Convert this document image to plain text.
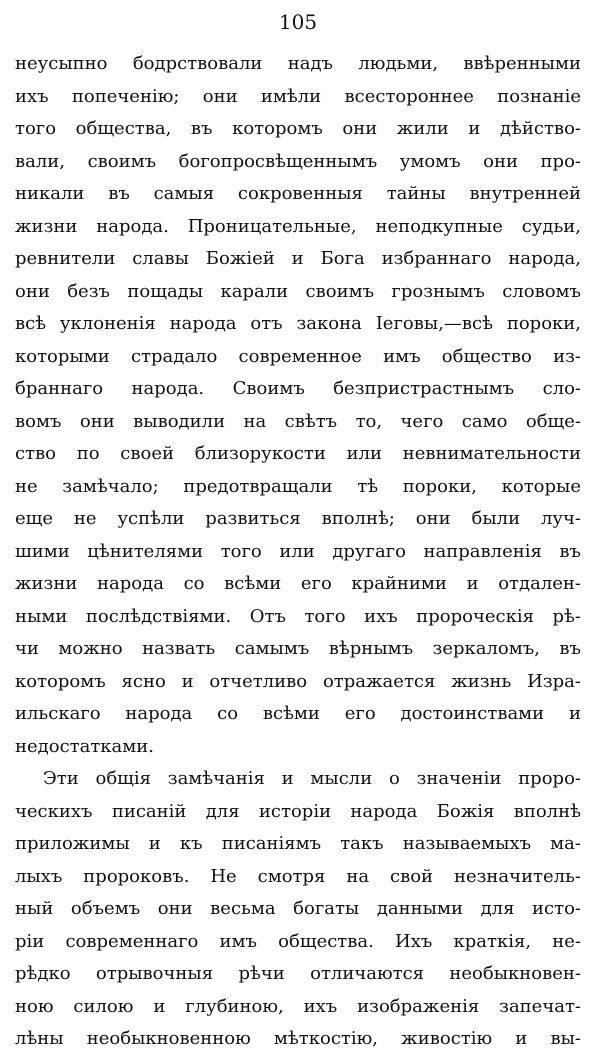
105
неусыпно бодрствовали надъ людьми, ввѣренными
ихъ попеченію; они имѣли всестороннее познаніе
того общества, въ которомъ они жили и дѣйство-
вали, своимъ богопросвѣщеннымъ умомъ они про-
никали въ самыя сокровенныя тайны внутренней
жизни народа. Проницательные, неподкупные судьи,
ревнители славы Божіей и Бога избраннаго народа,
они безъ пощады карали своимъ грознымъ словомъ
всѣ уклоненія народа отъ закона Іеговы,—всѣ пороки,
которыми страдало современное имъ общество из-
браннаго народа. Своимъ безпристрастнымъ сло-
вомъ они выводили на свѣтъ то, чего само обще-
ство по своей близорукости или невнимательности
не замѣчало; предотвращали тѣ пороки, которые
еще не успѣли развиться вполнѣ; они были луч-
шими цѣнителями того или другаго направленія въ
жизни народа со всѣми его крайними и отдален-
ными послѣдствіями. Отъ того ихъ пророческія рѣ-
чи можно назвать самымъ вѣрнымъ зеркаломъ, въ
которомъ ясно и отчетливо отражается жизнь Изра-
ильскаго народа со всѣми его достоинствами и
недостатками.
Эти общія замѣчанія и мысли о значеніи проро-
ческихъ писаній для исторіи народа Божія вполнѣ
приложимы и къ писаніямъ такъ называемыхъ ма-
лыхъ пророковъ. Не смотря на свой незначитель-
ный объемъ они весьма богаты данными для исто-
ріи современнаго имъ общества. Ихъ краткія, не-
рѣдко отрывочныя рѣчи отличаются необыкновен-
ною силою и глубиною, ихъ изображенія запечат-
лѣны необыкновенною мѣткостію, живостію и вы-
